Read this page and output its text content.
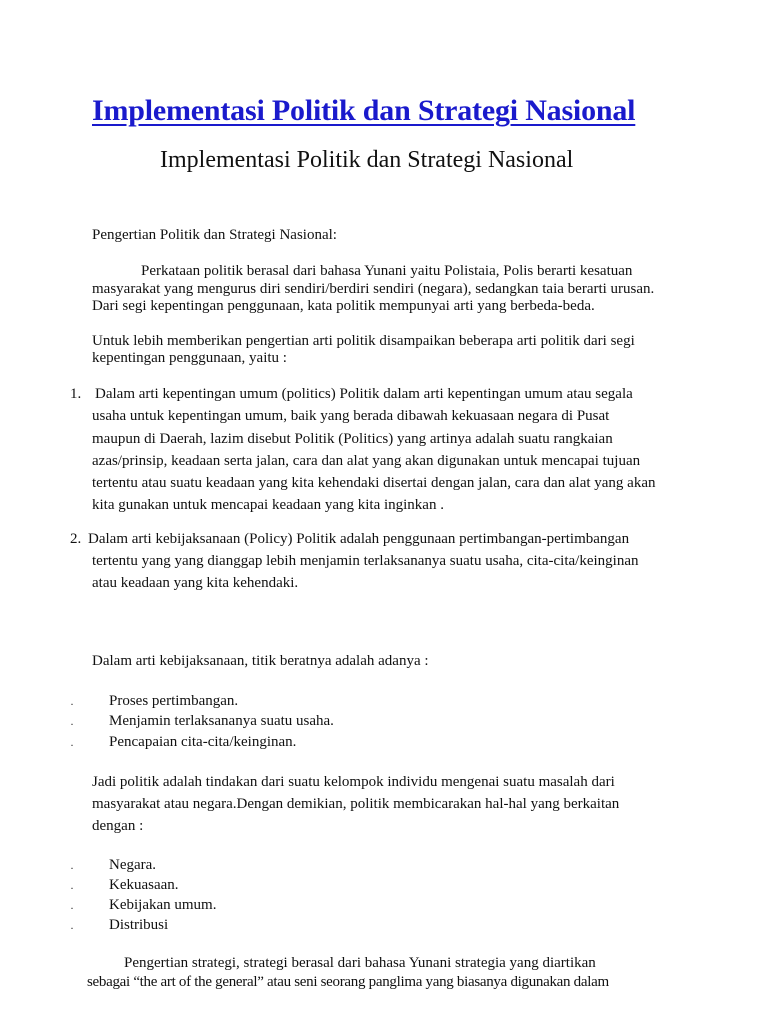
Implementasi Politik dan Strategi Nasional
Implementasi Politik dan Strategi Nasional
Pengertian Politik dan Strategi Nasional:
Perkataan politik berasal dari bahasa Yunani yaitu Polistaia, Polis berarti kesatuan
masyarakat yang mengurus diri sendiri/berdiri sendiri (negara), sedangkan taia berarti urusan.
Dari segi kepentingan penggunaan, kata politik mempunyai arti yang berbeda-beda.
Untuk lebih memberikan pengertian arti politik disampaikan beberapa arti politik dari segi
kepentingan penggunaan, yaitu :
1. Dalam arti kepentingan umum (politics) Politik dalam arti kepentingan umum atau segala
usaha untuk kepentingan umum, baik yang berada dibawah kekuasaan negara di Pusat
maupun di Daerah, lazim disebut Politik (Politics) yang artinya adalah suatu rangkaian
azas/prinsip, keadaan serta jalan, cara dan alat yang akan digunakan untuk mencapai tujuan
tertentu atau suatu keadaan yang kita kehendaki disertai dengan jalan, cara dan alat yang akan
kita gunakan untuk mencapai keadaan yang kita inginkan .
2. Dalam arti kebijaksanaan (Policy) Politik adalah penggunaan pertimbangan-pertimbangan
tertentu yang yang dianggap lebih menjamin terlaksananya suatu usaha, cita-cita/keinginan
atau keadaan yang kita kehendaki.
Dalam arti kebijaksanaan, titik beratnya adalah adanya :
· Proses pertimbangan.
· Menjamin terlaksananya suatu usaha.
· Pencapaian cita-cita/keinginan.
Jadi politik adalah tindakan dari suatu kelompok individu mengenai suatu masalah dari
masyarakat atau negara.Dengan demikian, politik membicarakan hal-hal yang berkaitan
dengan :
· Negara.
· Kekuasaan.
· Kebijakan umum.
· Distribusi
Pengertian strategi, strategi berasal dari bahasa Yunani strategia yang diartikan
sebagai “the art of the general” atau seni seorang panglima yang biasanya digunakan dalam
